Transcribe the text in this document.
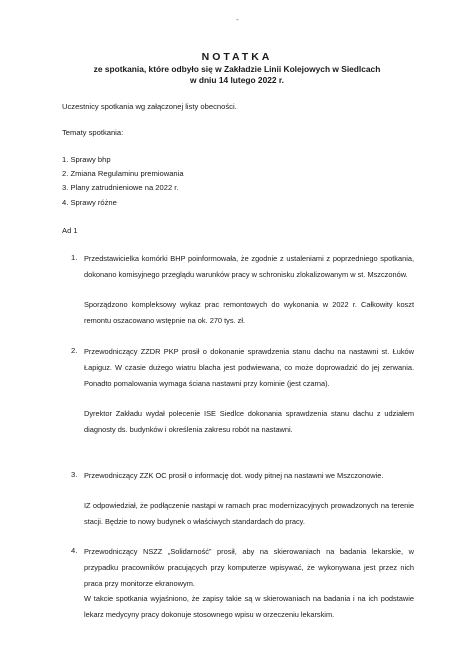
-
NOTATKA
ze spotkania, które odbyło się w Zakładzie Linii Kolejowych w Siedlcach
w dniu 14 lutego 2022 r.
Uczestnicy spotkania wg załączonej listy obecności.
Tematy spotkania:
1. Sprawy bhp
2. Zmiana Regulaminu premiowania
3. Plany zatrudnieniowe na 2022 r.
4. Sprawy różne
Ad 1
1. Przedstawicielka komórki BHP poinformowała, że zgodnie z ustaleniami z poprzedniego spotkania, dokonano komisyjnego przeglądu warunków pracy w schronisku zlokalizowanym w st. Mszczonów.
Sporządzono kompleksowy wykaz prac remontowych do wykonania w 2022 r. Całkowity koszt remontu oszacowano wstępnie na ok. 270 tys. zł.
2. Przewodniczący ZZDR PKP prosił o dokonanie sprawdzenia stanu dachu na nastawni st. Łuków Łapiguz. W czasie dużego wiatru blacha jest podwiewana, co może doprowadzić do jej zerwania. Ponadto pomalowania wymaga ściana nastawni przy kominie (jest czarna).
Dyrektor Zakładu wydał polecenie ISE Siedlce dokonania sprawdzenia stanu dachu z udziałem diagnosty ds. budynków i określenia zakresu robót na nastawni.
3. Przewodniczący ZZK OC prosił o informację dot. wody pitnej na nastawni we Mszczonowie.
IZ odpowiedział, że podłączenie nastąpi w ramach prac modernizacyjnych prowadzonych na terenie stacji. Będzie to nowy budynek o właściwych standardach do pracy.
4. Przewodniczący NSZZ „Solidarność” prosił, aby na skierowaniach na badania lekarskie, w przypadku pracowników pracujących przy komputerze wpisywać, że wykonywana jest przez nich praca przy monitorze ekranowym.
W takcie spotkania wyjaśniono, że zapisy takie są w skierowaniach na badania i na ich podstawie lekarz medycyny pracy dokonuje stosownego wpisu w orzeczeniu lekarskim.
